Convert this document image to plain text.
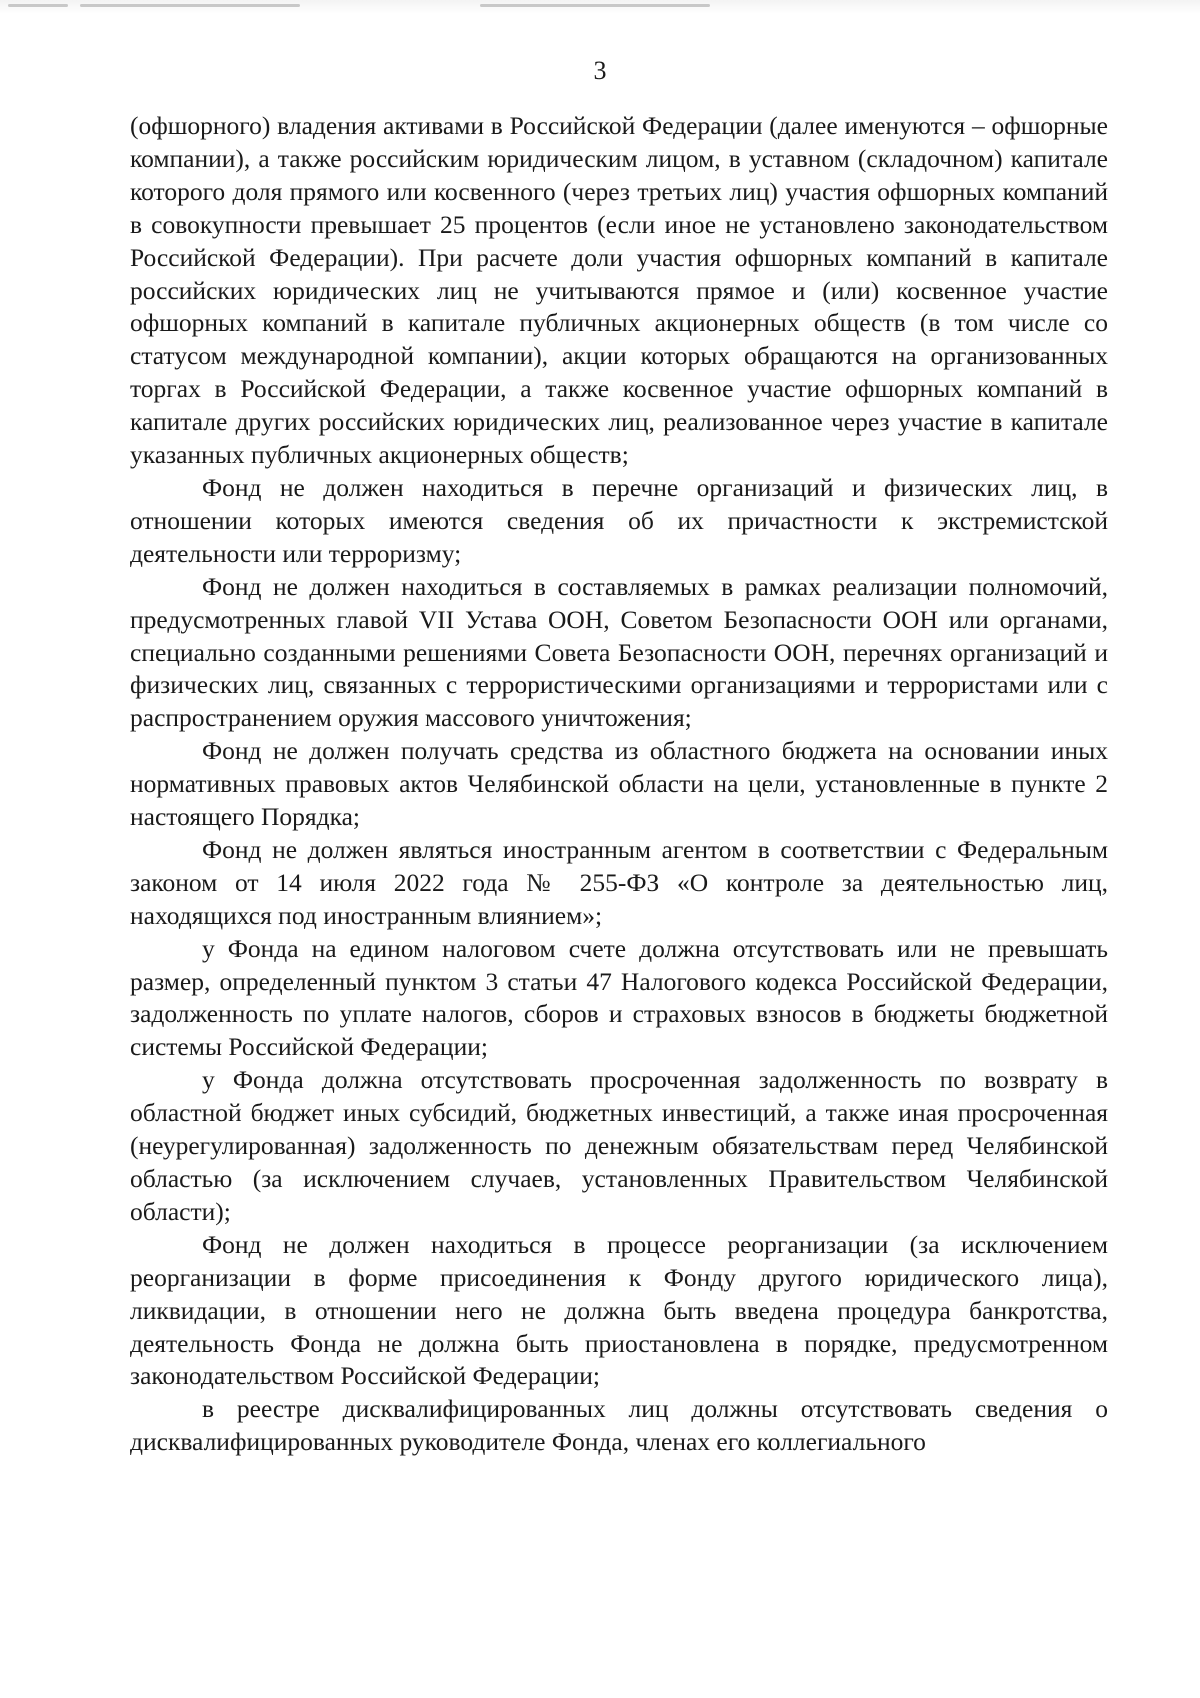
3

(офшорного) владения активами в Российской Федерации (далее именуются – офшорные компании), а также российским юридическим лицом, в уставном (складочном) капитале которого доля прямого или косвенного (через третьих лиц) участия офшорных компаний в совокупности превышает 25 процентов (если иное не установлено законодательством Российской Федерации). При расчете доли участия офшорных компаний в капитале российских юридических лиц не учитываются прямое и (или) косвенное участие офшорных компаний в капитале публичных акционерных обществ (в том числе со статусом международной компании), акции которых обращаются на организованных торгах в Российской Федерации, а также косвенное участие офшорных компаний в капитале других российских юридических лиц, реализованное через участие в капитале указанных публичных акционерных обществ;

Фонд не должен находиться в перечне организаций и физических лиц, в отношении которых имеются сведения об их причастности к экстремистской деятельности или терроризму;

Фонд не должен находиться в составляемых в рамках реализации полномочий, предусмотренных главой VII Устава ООН, Советом Безопасности ООН или органами, специально созданными решениями Совета Безопасности ООН, перечнях организаций и физических лиц, связанных с террористическими организациями и террористами или с распространением оружия массового уничтожения;

Фонд не должен получать средства из областного бюджета на основании иных нормативных правовых актов Челябинской области на цели, установленные в пункте 2 настоящего Порядка;

Фонд не должен являться иностранным агентом в соответствии с Федеральным законом от 14 июля 2022 года № 255-ФЗ «О контроле за деятельностью лиц, находящихся под иностранным влиянием»;

у Фонда на едином налоговом счете должна отсутствовать или не превышать размер, определенный пунктом 3 статьи 47 Налогового кодекса Российской Федерации, задолженность по уплате налогов, сборов и страховых взносов в бюджеты бюджетной системы Российской Федерации;

у Фонда должна отсутствовать просроченная задолженность по возврату в областной бюджет иных субсидий, бюджетных инвестиций, а также иная просроченная (неурегулированная) задолженность по денежным обязательствам перед Челябинской областью (за исключением случаев, установленных Правительством Челябинской области);

Фонд не должен находиться в процессе реорганизации (за исключением реорганизации в форме присоединения к Фонду другого юридического лица), ликвидации, в отношении него не должна быть введена процедура банкротства, деятельность Фонда не должна быть приостановлена в порядке, предусмотренном законодательством Российской Федерации;

в реестре дисквалифицированных лиц должны отсутствовать сведения о дисквалифицированных руководителе Фонда, членах его коллегиального
